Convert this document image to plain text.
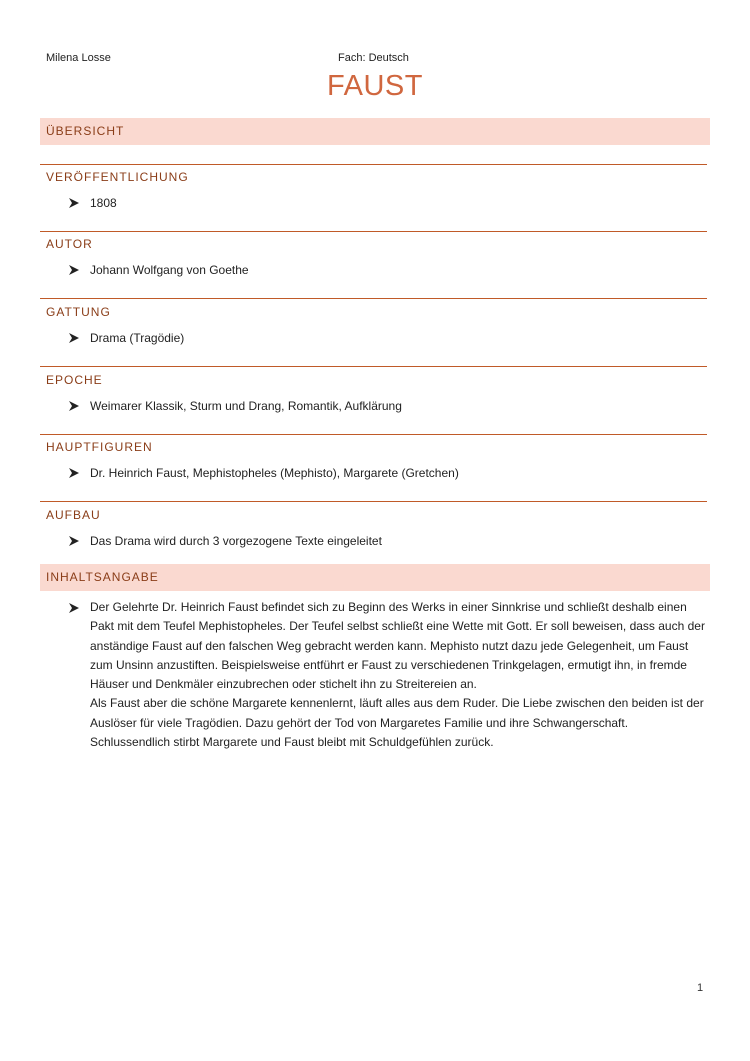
Milena Losse	Fach: Deutsch
FAUST
ÜBERSICHT
VERÖFFENTLICHUNG
1808
AUTOR
Johann Wolfgang von Goethe
GATTUNG
Drama (Tragödie)
EPOCHE
Weimarer Klassik, Sturm und Drang, Romantik, Aufklärung
HAUPTFIGUREN
Dr. Heinrich Faust, Mephistopheles (Mephisto), Margarete (Gretchen)
AUFBAU
Das Drama wird durch 3 vorgezogene Texte eingeleitet
INHALTSANGABE

Der Gelehrte Dr. Heinrich Faust befindet sich zu Beginn des Werks in einer Sinnkrise und schließt deshalb einen Pakt mit dem Teufel Mephistopheles. Der Teufel selbst schließt eine Wette mit Gott. Er soll beweisen, dass auch der anständige Faust auf den falschen Weg gebracht werden kann. Mephisto nutzt dazu jede Gelegenheit, um Faust zum Unsinn anzustiften. Beispielsweise entführt er Faust zu verschiedenen Trinkgelagen, ermutigt ihn, in fremde Häuser und Denkmäler einzubrechen oder stichelt ihn zu Streitereien an.

Als Faust aber die schöne Margarete kennenlernt, läuft alles aus dem Ruder. Die Liebe zwischen den beiden ist der Auslöser für viele Tragödien. Dazu gehört der Tod von Margaretes Familie und ihre Schwangerschaft. Schlussendlich stirbt Margarete und Faust bleibt mit Schuldgefühlen zurück.

1
